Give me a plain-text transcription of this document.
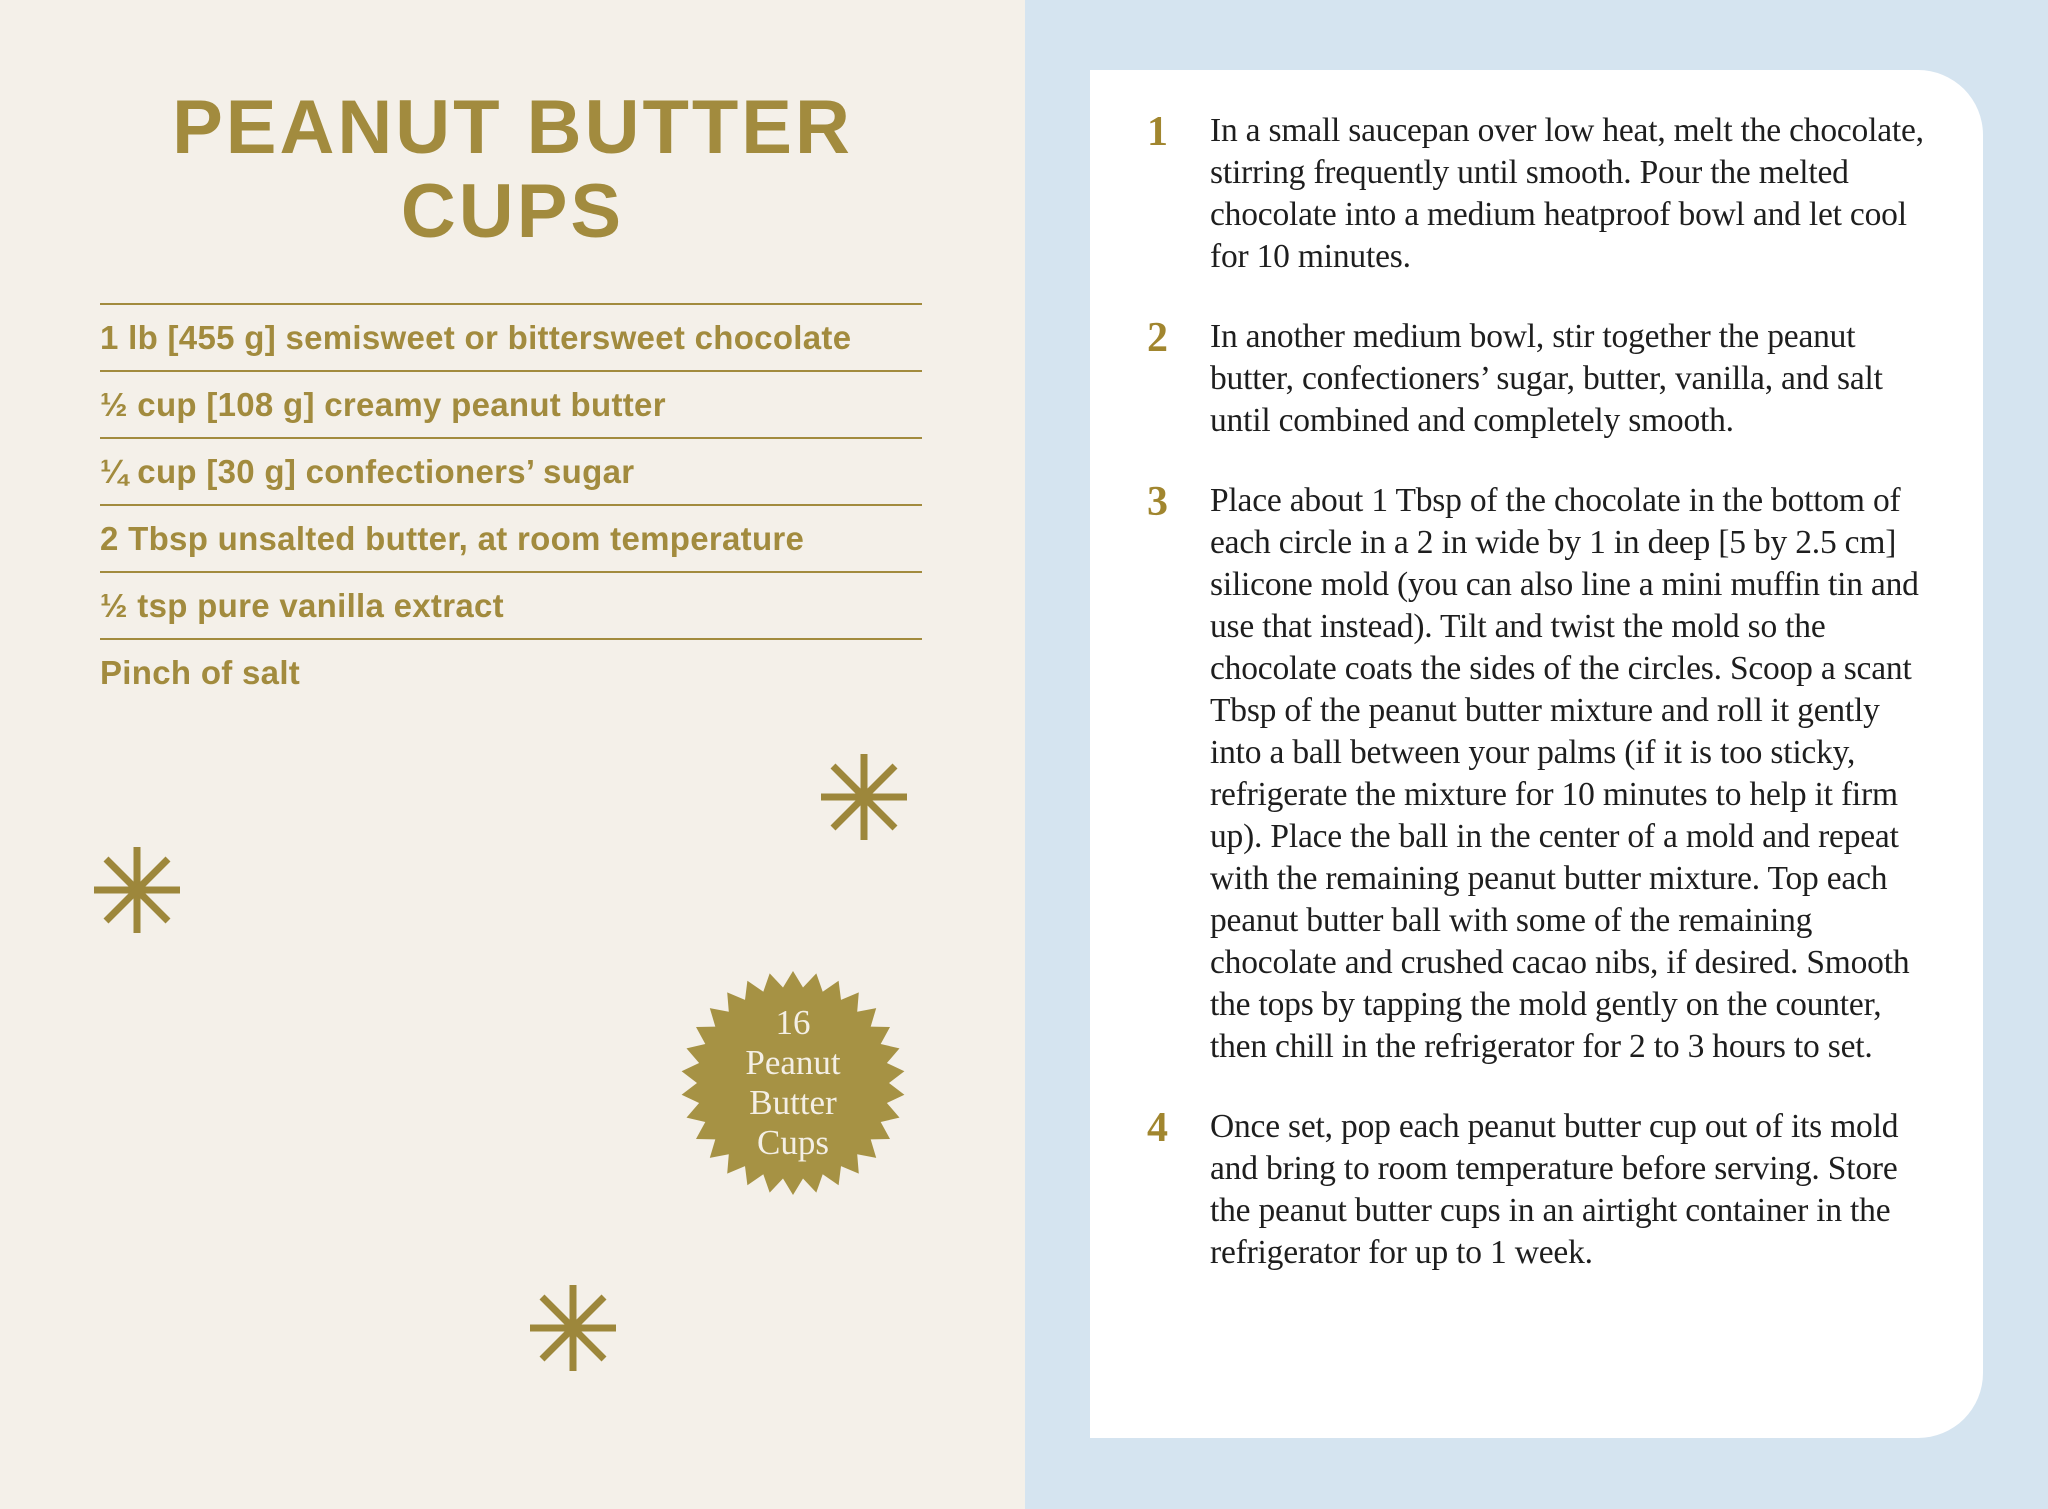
PEANUT BUTTER
CUPS
1 lb [455 g] semisweet or bittersweet chocolate
½ cup [108 g] creamy peanut butter
¼ cup [30 g] confectioners’ sugar
2 Tbsp unsalted butter, at room temperature
½ tsp pure vanilla extract
Pinch of salt
16
Peanut
Butter
Cups
1	In a small saucepan over low heat, melt the chocolate, stirring frequently until smooth. Pour the melted chocolate into a medium heatproof bowl and let cool for 10 minutes.
2	In another medium bowl, stir together the peanut butter, confectioners’ sugar, butter, vanilla, and salt until combined and completely smooth.
3	Place about 1 Tbsp of the chocolate in the bottom of each circle in a 2 in wide by 1 in deep [5 by 2.5 cm] silicone mold (you can also line a mini muffin tin and use that instead). Tilt and twist the mold so the chocolate coats the sides of the circles. Scoop a scant Tbsp of the peanut butter mixture and roll it gently into a ball between your palms (if it is too sticky, refrigerate the mixture for 10 minutes to help it firm up). Place the ball in the center of a mold and repeat with the remaining peanut butter mixture. Top each peanut butter ball with some of the remaining chocolate and crushed cacao nibs, if desired. Smooth the tops by tapping the mold gently on the counter, then chill in the refrigerator for 2 to 3 hours to set.
4	Once set, pop each peanut butter cup out of its mold and bring to room temperature before serving. Store the peanut butter cups in an airtight container in the refrigerator for up to 1 week.
